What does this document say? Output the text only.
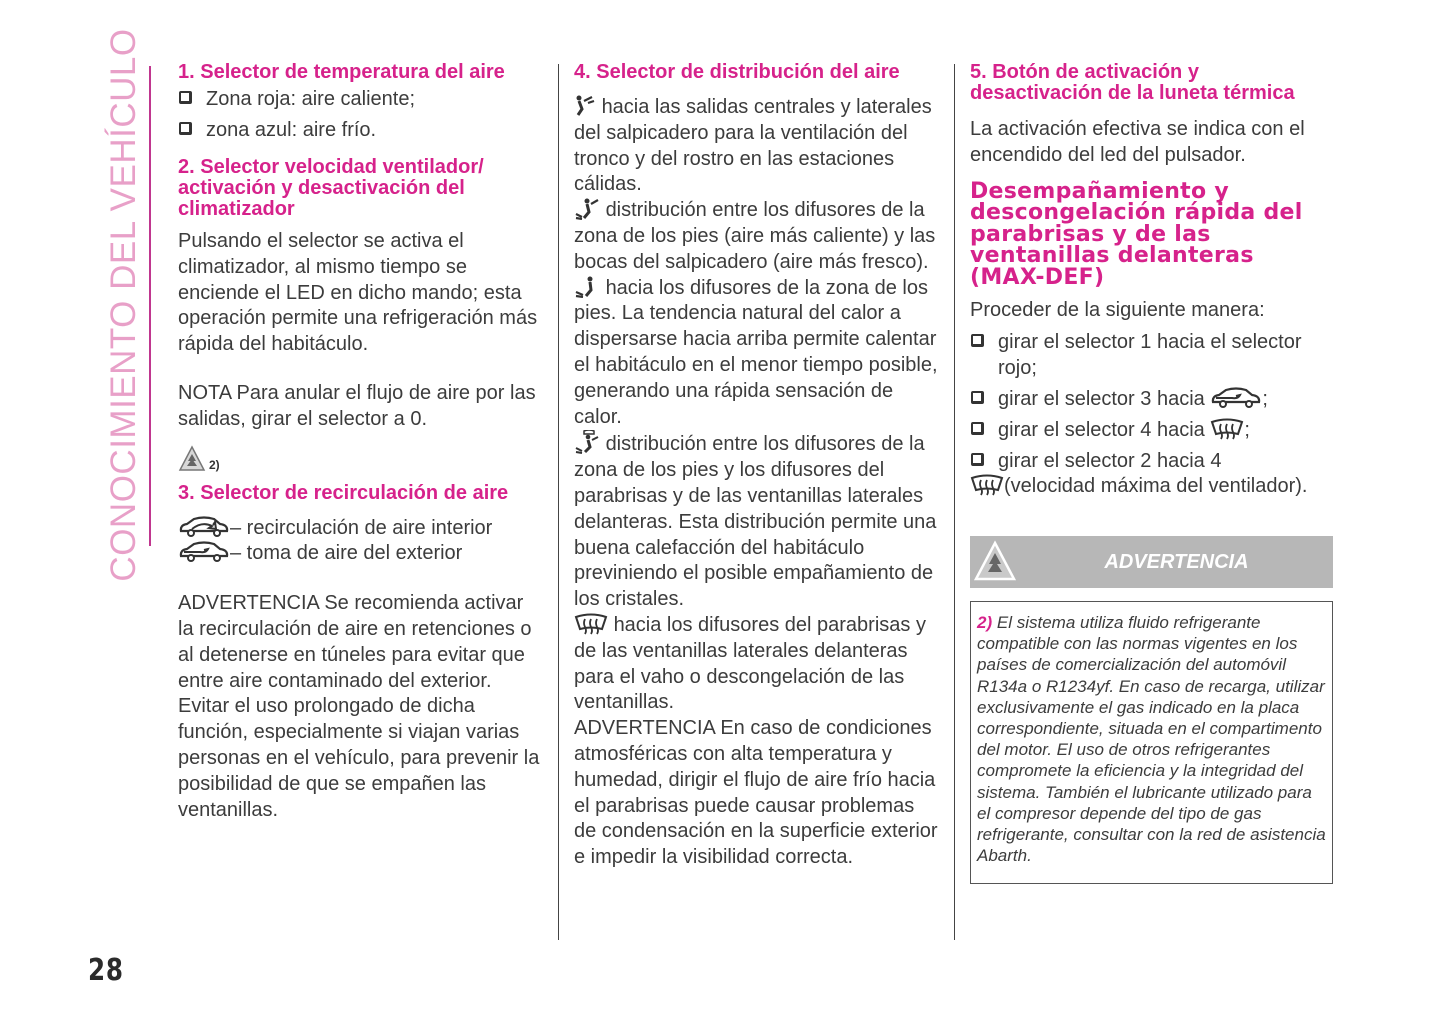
CONOCIMIENTO DEL VEHÍCULO 1. Selector de temperatura del aire
Zona roja: aire caliente;
zona azul: aire frío.
2. Selector velocidad ventilador/ activación y desactivación del climatizador

Pulsando el selector se activa el climatizador, al mismo tiempo se enciende el LED en dicho mando; esta operación permite una refrigeración más rápida del habitáculo.

NOTA Para anular el flujo de aire por las salidas, girar el selector a 0.

2)
3. Selector de recirculación de aire

– recirculación de aire interior

– toma de aire del exterior

ADVERTENCIA Se recomienda activar la recirculación de aire en retenciones o al detenerse en túneles para evitar que entre aire contaminado del exterior. Evitar el uso prolongado de dicha función, especialmente si viajan varias personas en el vehículo, para prevenir la posibilidad de que se empañen las ventanillas.

4. Selector de distribución del aire

hacia las salidas centrales y laterales del salpicadero para la ventilación del tronco y del rostro en las estaciones cálidas.

distribución entre los difusores de la zona de los pies (aire más caliente) y las bocas del salpicadero (aire más fresco).

hacia los difusores de la zona de los pies. La tendencia natural del calor a dispersarse hacia arriba permite calentar el habitáculo en el menor tiempo posible, generando una rápida sensación de calor.

distribución entre los difusores de la zona de los pies y los difusores del parabrisas y de las ventanillas laterales delanteras. Esta distribución permite una buena calefacción del habitáculo previniendo el posible empañamiento de los cristales.

hacia los difusores del parabrisas y de las ventanillas laterales delanteras para el vaho o descongelación de las ventanillas.

ADVERTENCIA En caso de condiciones atmosféricas con alta temperatura y humedad, dirigir el flujo de aire frío hacia el parabrisas puede causar problemas de condensación en la superficie exterior e impedir la visibilidad correcta.

5. Botón de activación y desactivación de la luneta térmica

La activación efectiva se indica con el encendido del led del pulsador.

Desempañamiento y descongelación rápida del parabrisas y de las ventanillas delanteras (MAX-DEF)

Proceder de la siguiente manera:

girar el selector 1 hacia el selector rojo;
girar el selector 3 hacia	;
girar el selector 4 hacia ;
girar el selector 2 hacia 4

(velocidad máxima del ventilador).

ADVERTENCIA
2) El sistema utiliza fluido refrigerante compatible con las normas vigentes en los países de comercialización del automóvil R134a o R1234yf. En caso de recarga, utilizar exclusivamente el gas indicado en la placa correspondiente, situada en el compartimento del motor. El uso de otros refrigerantes compromete la eficiencia y la integridad del sistema. También el lubricante utilizado para el compresor depende del tipo de gas refrigerante, consultar con la red de asistencia Abarth.
28
